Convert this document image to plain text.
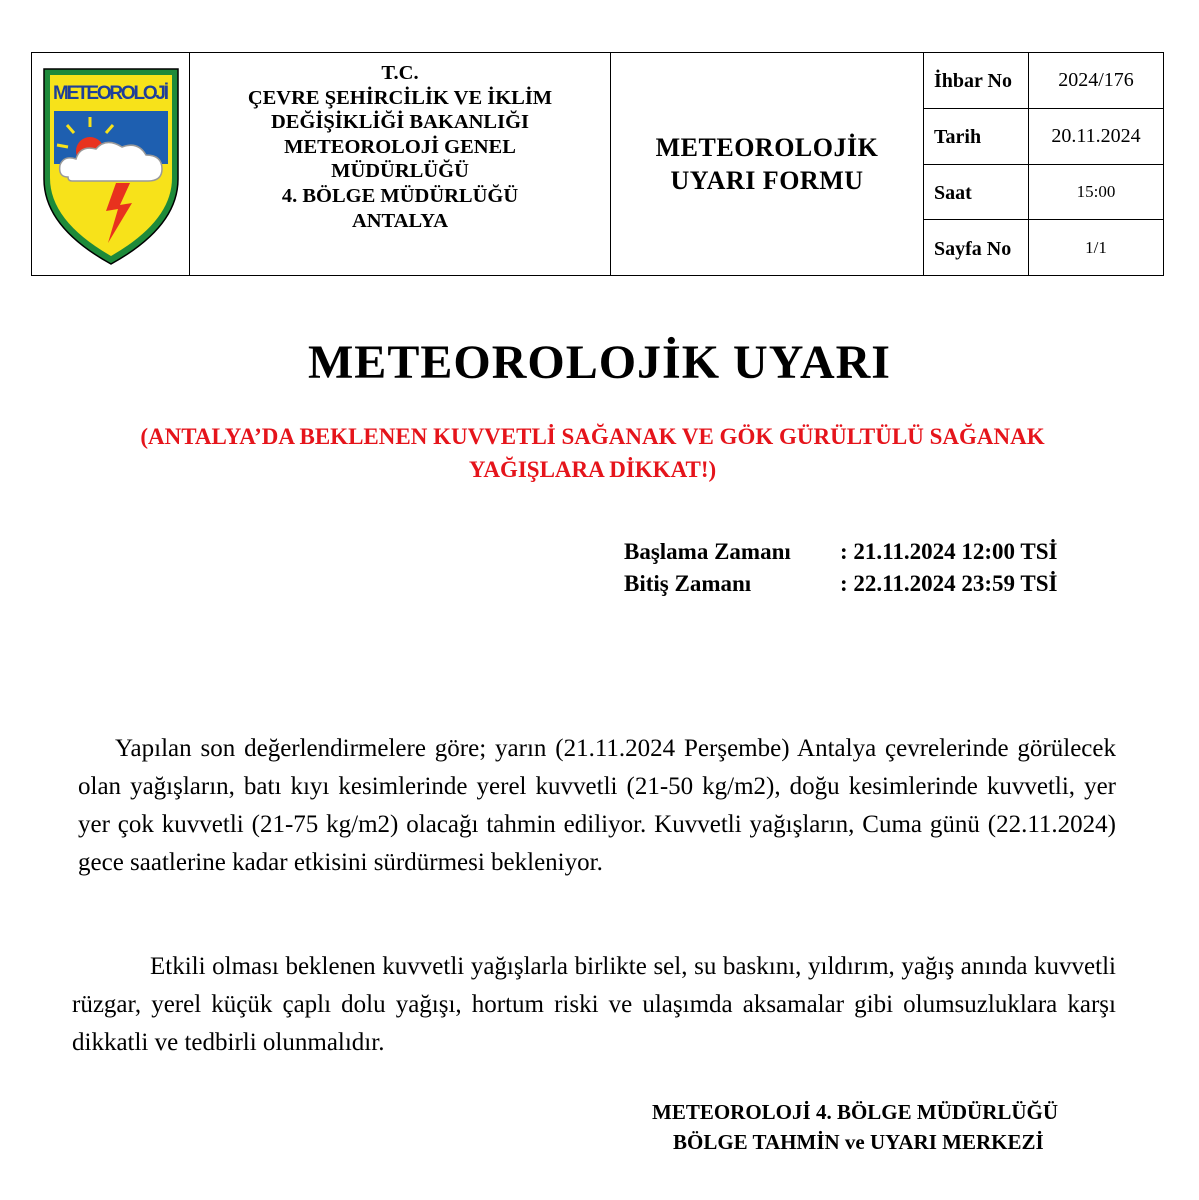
METEOROLOJİ
T.C.
ÇEVRE ŞEHİRCİLİK VE İKLİM
DEĞİŞİKLİĞİ BAKANLIĞI
METEOROLOJİ GENEL
MÜDÜRLÜĞÜ
4. BÖLGE MÜDÜRLÜĞÜ
ANTALYA
METEOROLOJİK
UYARI FORMU
İhbar No	2024/176
Tarih	20.11.2024
Saat	15:00
Sayfa No	1/1
METEOROLOJİK UYARI
(ANTALYA’DA BEKLENEN KUVVETLİ SAĞANAK VE GÖK GÜRÜLTÜLÜ SAĞANAK
YAĞIŞLARA DİKKAT!)
Başlama Zamanı	: 21.11.2024 12:00 TSİ
Bitiş Zamanı	: 22.11.2024 23:59 TSİ
Yapılan son değerlendirmelere göre; yarın (21.11.2024 Perşembe) Antalya çevrelerinde görülecek olan yağışların, batı kıyı kesimlerinde yerel kuvvetli (21-50 kg/m2), doğu kesimlerinde kuvvetli, yer yer çok kuvvetli (21-75 kg/m2) olacağı tahmin ediliyor. Kuvvetli yağışların, Cuma günü (22.11.2024) gece saatlerine kadar etkisini sürdürmesi bekleniyor.
Etkili olması beklenen kuvvetli yağışlarla birlikte sel, su baskını, yıldırım, yağış anında kuvvetli rüzgar, yerel küçük çaplı dolu yağışı, hortum riski ve ulaşımda aksamalar gibi olumsuzluklara karşı dikkatli ve tedbirli olunmalıdır.
METEOROLOJİ 4. BÖLGE MÜDÜRLÜĞÜ
BÖLGE TAHMİN ve UYARI MERKEZİ
